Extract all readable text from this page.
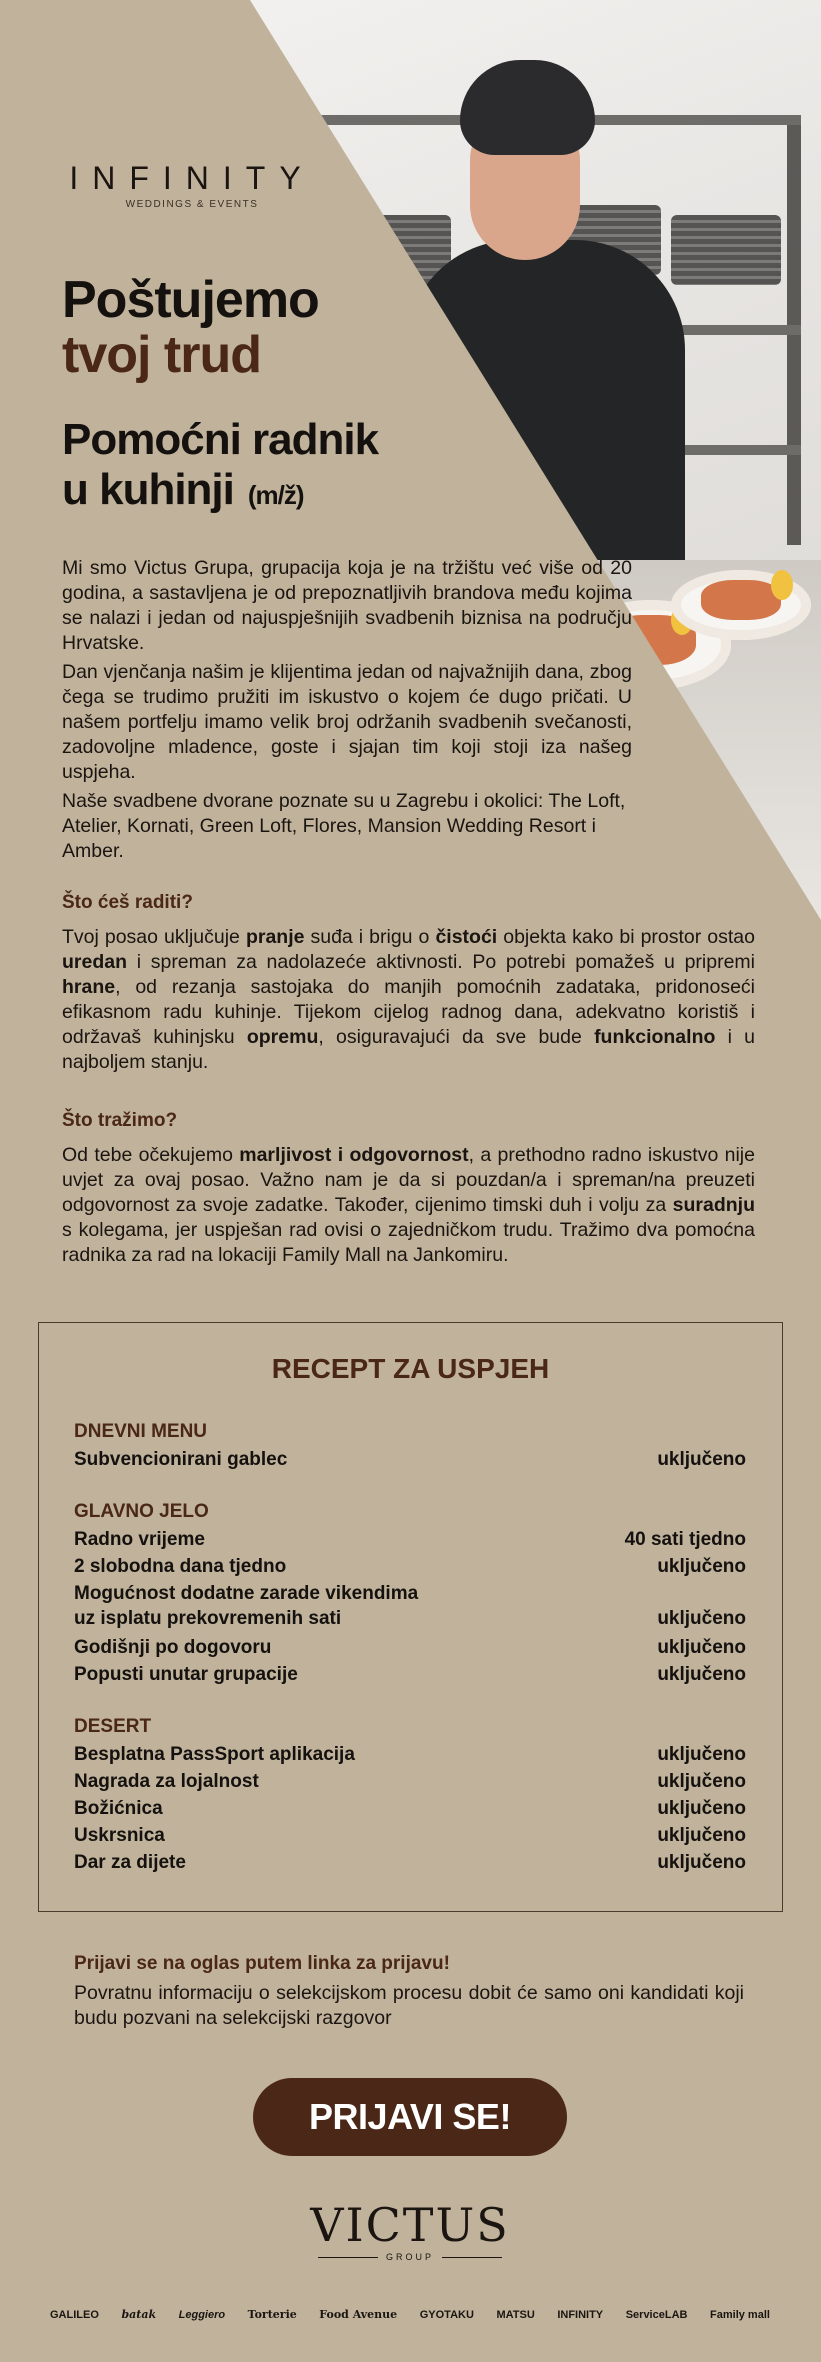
INFINITY
WEDDINGS & EVENTS
Poštujemo
tvoj trud
Pomoćni radnik
u kuhinji (m/ž)

Mi smo Victus Grupa, grupacija koja je na tržištu već više od 20 godina, a sastavljena je od prepoznatljivih brandova među kojima se nalazi i jedan od najuspješnijih svadbenih biznisa na području Hrvatske.

Dan vjenčanja našim je klijentima jedan od najvažnijih dana, zbog čega se trudimo pružiti im iskustvo o kojem će dugo pričati. U našem portfelju imamo velik broj održanih svadbenih svečanosti, zadovoljne mladence, goste i sjajan tim koji stoji iza našeg uspjeha.

Naše svadbene dvorane poznate su u Zagrebu i okolici: The Loft, Atelier, Kornati, Green Loft, Flores, Mansion Wedding Resort i Amber.

Što ćeš raditi?

Tvoj posao uključuje pranje suđa i brigu o čistoći objekta kako bi prostor ostao uredan i spreman za nadolazeće aktivnosti. Po potrebi pomažeš u pripremi hrane, od rezanja sastojaka do manjih pomoćnih zadataka, pridonoseći efikasnom radu kuhinje. Tijekom cijelog radnog dana, adekvatno koristiš i održavaš kuhinjsku opremu, osiguravajući da sve bude funkcionalno i u najboljem stanju.

Što tražimo?

Od tebe očekujemo marljivost i odgovornost, a prethodno radno iskustvo nije uvjet za ovaj posao. Važno nam je da si pouzdan/a i spreman/na preuzeti odgovornost za svoje zadatke. Također, cijenimo timski duh i volju za suradnju s kolegama, jer uspješan rad ovisi o zajedničkom trudu. Tražimo dva pomoćna radnika za rad na lokaciji Family Mall na Jankomiru.

RECEPT ZA USPJEH
DNEVNI MENU
Subvencionirani gablec	uključeno
GLAVNO JELO
Radno vrijeme	40 sati tjedno
2 slobodna dana tjedno	uključeno
Mogućnost dodatne zarade vikendima
uz isplatu prekovremenih sati	uključeno
Godišnji po dogovoru	uključeno
Popusti unutar grupacije	uključeno
DESERT
Besplatna PassSport aplikacija	uključeno
Nagrada za lojalnost	uključeno
Božićnica	uključeno
Uskrsnica	uključeno
Dar za dijete	uključeno
Prijavi se na oglas putem linka za prijavu!
Povratnu informaciju o selekcijskom procesu dobit će samo oni kandidati koji budu pozvani na selekcijski razgovor
PRIJAVI SE!
VICTUS
GROUP
GALILEO batak Leggiero Torterie Food Avenue GYOTAKU MATSU INFINITY ServiceLAB Family mall
